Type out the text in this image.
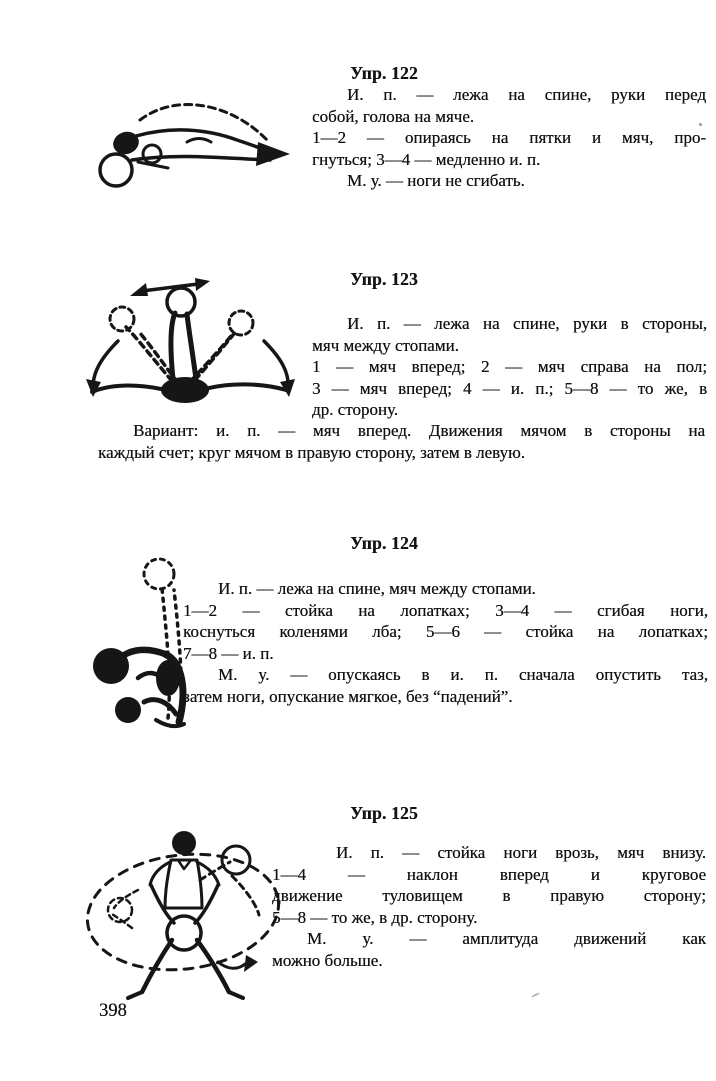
Упр. 122
И. п. — лежа на спине, руки перед
собой, голова на мяче.
1—2 — опираясь на пятки и мяч, про-
гнуться; 3—4 — медленно и. п.
М. у. — ноги не сгибать.
Упр. 123
И. п. — лежа на спине, руки в стороны,
мяч между стопами.
1 — мяч вперед; 2 — мяч справа на пол;
3 — мяч вперед; 4 — и. п.; 5—8 — то же, в
др. сторону.
Вариант: и. п. — мяч вперед. Движения мячом в стороны на
каждый счет; круг мячом в правую сторону, затем в левую.
Упр. 124
И. п. — лежа на спине, мяч между стопами.
1—2 — стойка на лопатках; 3—4 — сгибая ноги,
коснуться коленями лба; 5—6 — стойка на лопатках;
7—8 — и. п.
М. у. — опускаясь в и. п. сначала опустить таз,
затем ноги, опускание мягкое, без “падений”.
Упр. 125
И. п. — стойка ноги врозь, мяч внизу.
1—4 — наклон вперед и круговое
движение туловищем в правую сторону;
5—8 — то же, в др. сторону.
М. у. — амплитуда движений как
можно больше.
398
